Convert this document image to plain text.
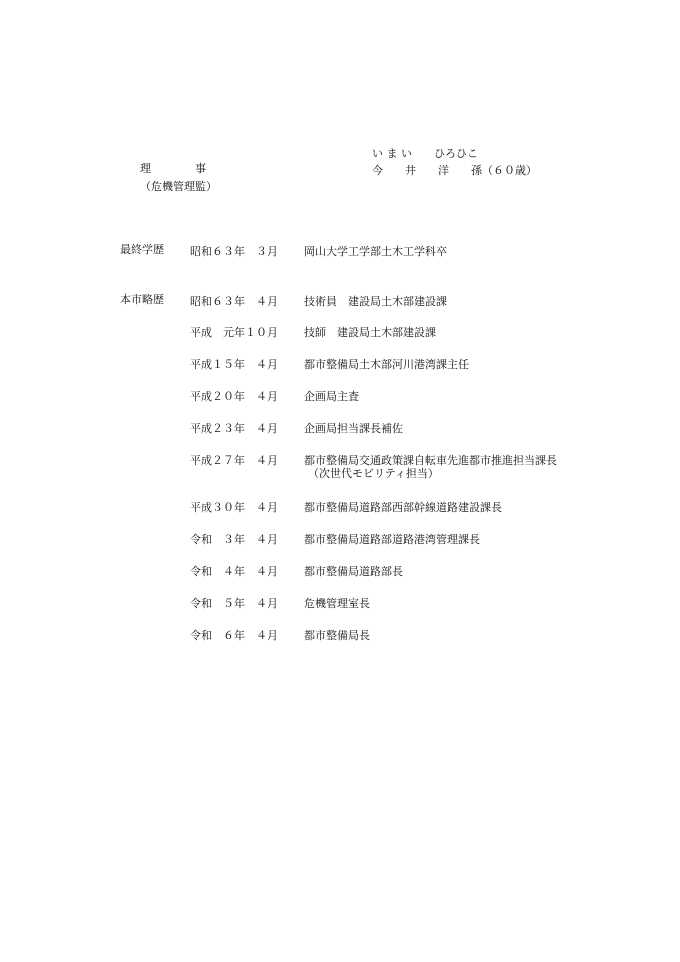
理　　　　事
（危機管理監）
い ま い　　ひろひこ
今　　井　　洋　　孫（６０歳）
最終学歴 昭和６３年　３月 岡山大学工学部土木工学科卒
本市略歴 昭和６３年　４月 技術員　建設局土木部建設課
平成　元年１０月 技師　建設局土木部建設課
平成１５年　４月 都市整備局土木部河川港湾課主任
平成２０年　４月 企画局主査
平成２３年　４月 企画局担当課長補佐
平成２７年　４月 都市整備局交通政策課自転車先進都市推進担当課長
（次世代モビリティ担当）
平成３０年　４月 都市整備局道路部西部幹線道路建設課長
令和　３年　４月 都市整備局道路部道路港湾管理課長
令和　４年　４月 都市整備局道路部長
令和　５年　４月 危機管理室長
令和　６年　４月 都市整備局長
